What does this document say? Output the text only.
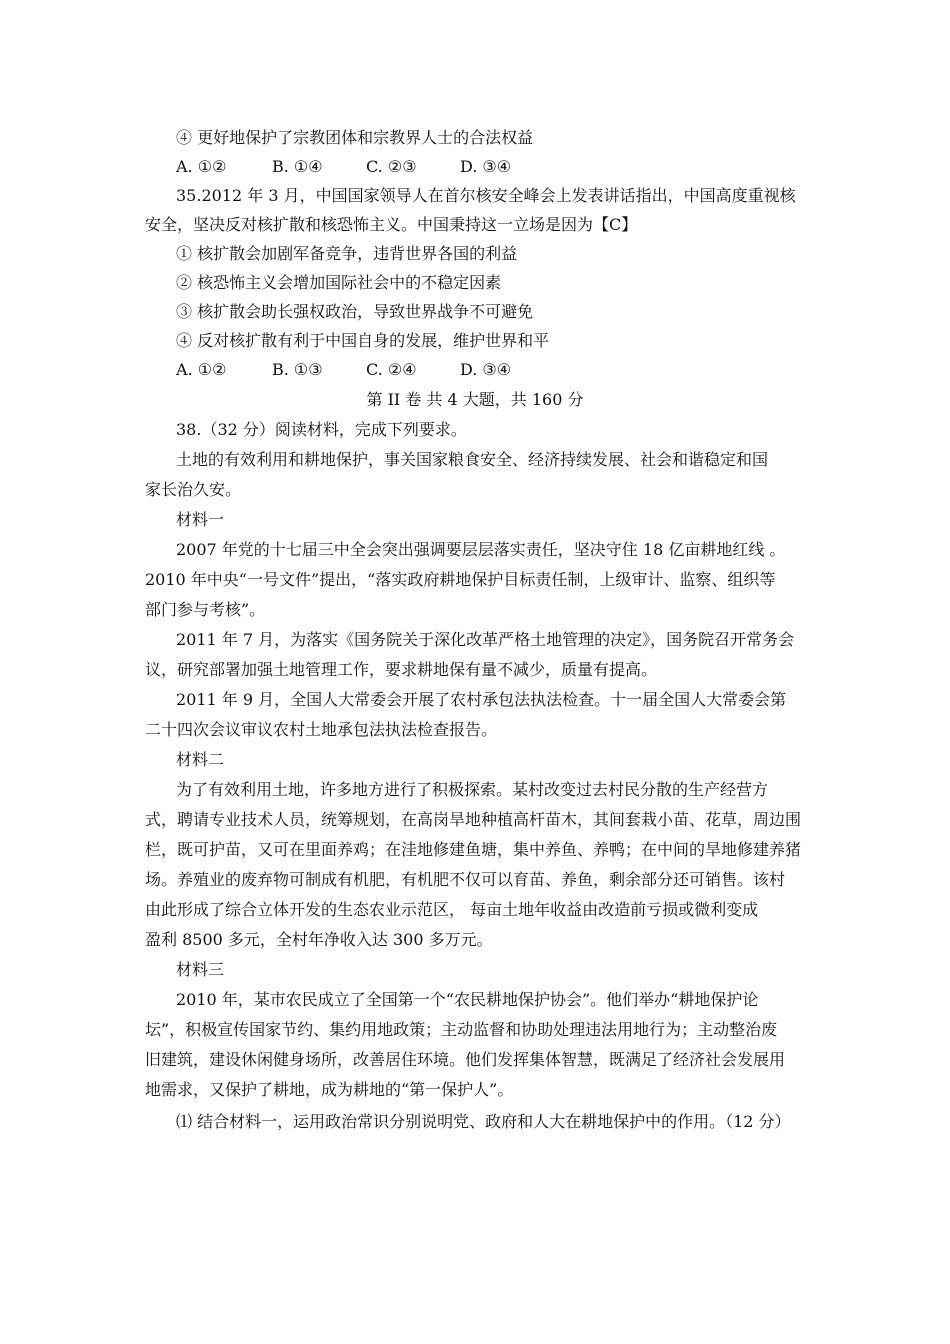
④ 更好地保护了宗教团体和宗教界人士的合法权益
A. ①②	B. ①④	C. ②③	D. ③④
35.2012 年 3 月，中国国家领导人在首尔核安全峰会上发表讲话指出，中国高度重视核
安全，坚决反对核扩散和核恐怖主义。中国秉持这一立场是因为【C】
① 核扩散会加剧军备竞争，违背世界各国的利益
② 核恐怖主义会增加国际社会中的不稳定因素
③ 核扩散会助长强权政治，导致世界战争不可避免
④ 反对核扩散有利于中国自身的发展，维护世界和平
A. ①②	B. ①③	C. ②④	D. ③④
第 II 卷 共 4 大题，共 160 分
38.（32 分）阅读材料，完成下列要求。
土地的有效利用和耕地保护，事关国家粮食安全、经济持续发展、社会和谐稳定和国
家长治久安。
材料一
2007 年党的十七届三中全会突出强调要层层落实责任，坚决守住 18 亿亩耕地红线 。
2010 年中央“一号文件”提出，“落实政府耕地保护目标责任制，上级审计、监察、组织等
部门参与考核”。
2011 年 7 月，为落实《国务院关于深化改革严格土地管理的决定》，国务院召开常务会
议，研究部署加强土地管理工作，要求耕地保有量不减少，质量有提高。
2011 年 9 月，全国人大常委会开展了农村承包法执法检查。十一届全国人大常委会第
二十四次会议审议农村土地承包法执法检查报告。
材料二
为了有效利用土地，许多地方进行了积极探索。某村改变过去村民分散的生产经营方
式，聘请专业技术人员，统筹规划，在高岗旱地种植高杆苗木，其间套栽小苗、花草，周边围
栏，既可护苗，又可在里面养鸡；在洼地修建鱼塘，集中养鱼、养鸭；在中间的旱地修建养猪
场。养殖业的废弃物可制成有机肥，有机肥不仅可以育苗、养鱼，剩余部分还可销售。该村
由此形成了综合立体开发的生态农业示范区， 每亩土地年收益由改造前亏损或微利变成
盈利 8500 多元，全村年净收入达 300 多万元。
材料三
2010 年，某市农民成立了全国第一个“农民耕地保护协会”。他们举办“耕地保护论
坛”，积极宣传国家节约、集约用地政策；主动监督和协助处理违法用地行为；主动整治废
旧建筑，建设休闲健身场所，改善居住环境。他们发挥集体智慧，既满足了经济社会发展用
地需求，又保护了耕地，成为耕地的“第一保护人”。
⑴ 结合材料一，运用政治常识分别说明党、政府和人大在耕地保护中的作用。（12 分）
